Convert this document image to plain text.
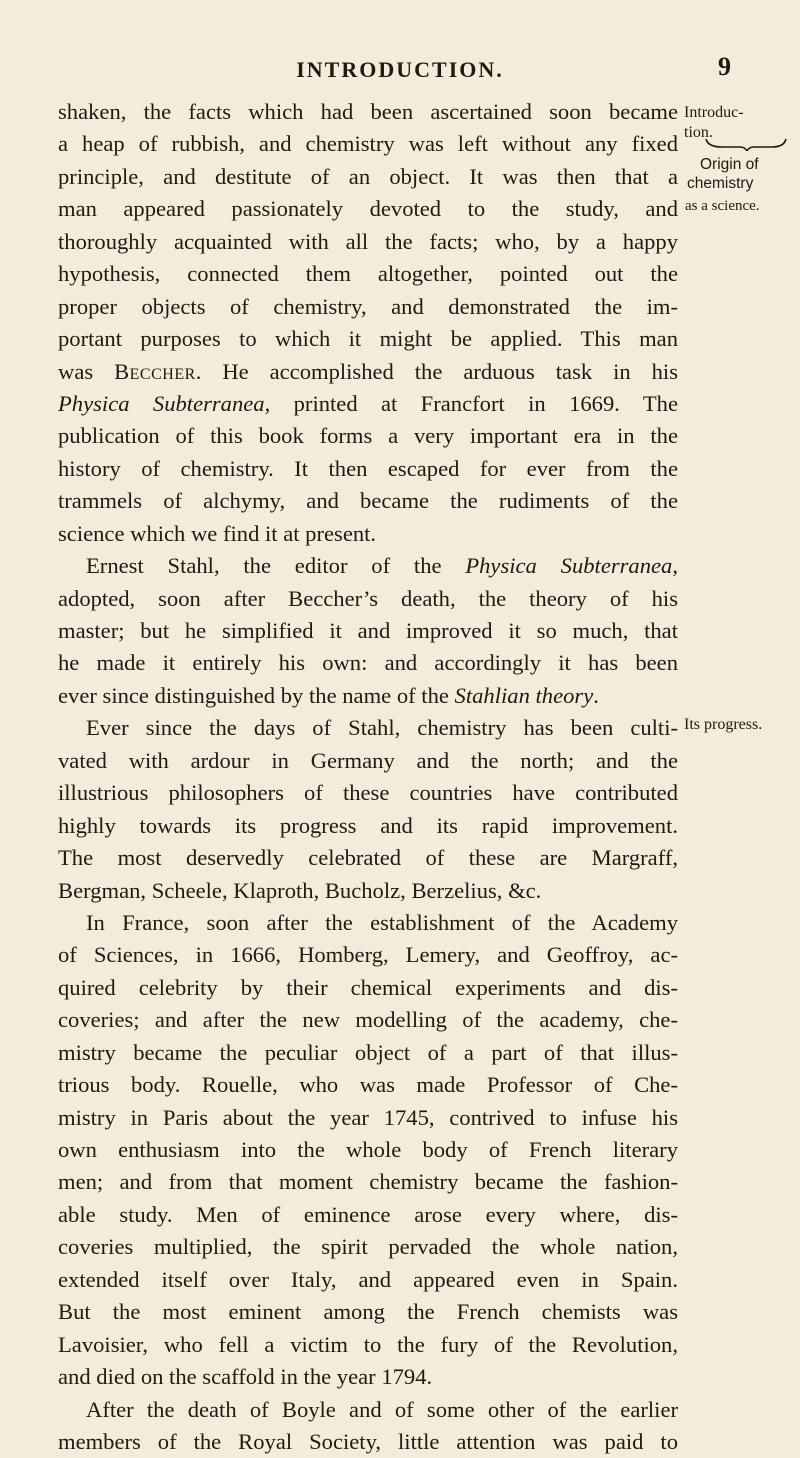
INTRODUCTION.	9
shaken, the facts which had been ascertained soon became
a heap of rubbish, and chemistry was left without any fixed
principle, and destitute of an object. It was then that a
man appeared passionately devoted to the study, and
thoroughly acquainted with all the facts; who, by a happy
hypothesis, connected them altogether, pointed out the
proper objects of chemistry, and demonstrated the im-
portant purposes to which it might be applied. This man
was Beccher. He accomplished the arduous task in his
Physica Subterranea, printed at Francfort in 1669. The
publication of this book forms a very important era in the
history of chemistry. It then escaped for ever from the
trammels of alchymy, and became the rudiments of the
science which we find it at present.
Ernest Stahl, the editor of the Physica Subterranea,
adopted, soon after Beccher’s death, the theory of his
master; but he simplified it and improved it so much, that
he made it entirely his own: and accordingly it has been
ever since distinguished by the name of the Stahlian theory.
Ever since the days of Stahl, chemistry has been culti-
vated with ardour in Germany and the north; and the
illustrious philosophers of these countries have contributed
highly towards its progress and its rapid improvement.
The most deservedly celebrated of these are Margraff,
Bergman, Scheele, Klaproth, Bucholz, Berzelius, &c.
In France, soon after the establishment of the Academy
of Sciences, in 1666, Homberg, Lemery, and Geoffroy, ac-
quired celebrity by their chemical experiments and dis-
coveries; and after the new modelling of the academy, che-
mistry became the peculiar object of a part of that illus-
trious body. Rouelle, who was made Professor of Che-
mistry in Paris about the year 1745, contrived to infuse his
own enthusiasm into the whole body of French literary
men; and from that moment chemistry became the fashion-
able study. Men of eminence arose every where, dis-
coveries multiplied, the spirit pervaded the whole nation,
extended itself over Italy, and appeared even in Spain.
But the most eminent among the French chemists was
Lavoisier, who fell a victim to the fury of the Revolution,
and died on the scaffold in the year 1794.
After the death of Boyle and of some other of the earlier
members of the Royal Society, little attention was paid to
Introduc-
tion.
Origin of
chemistry
as a science.
Its progress.
